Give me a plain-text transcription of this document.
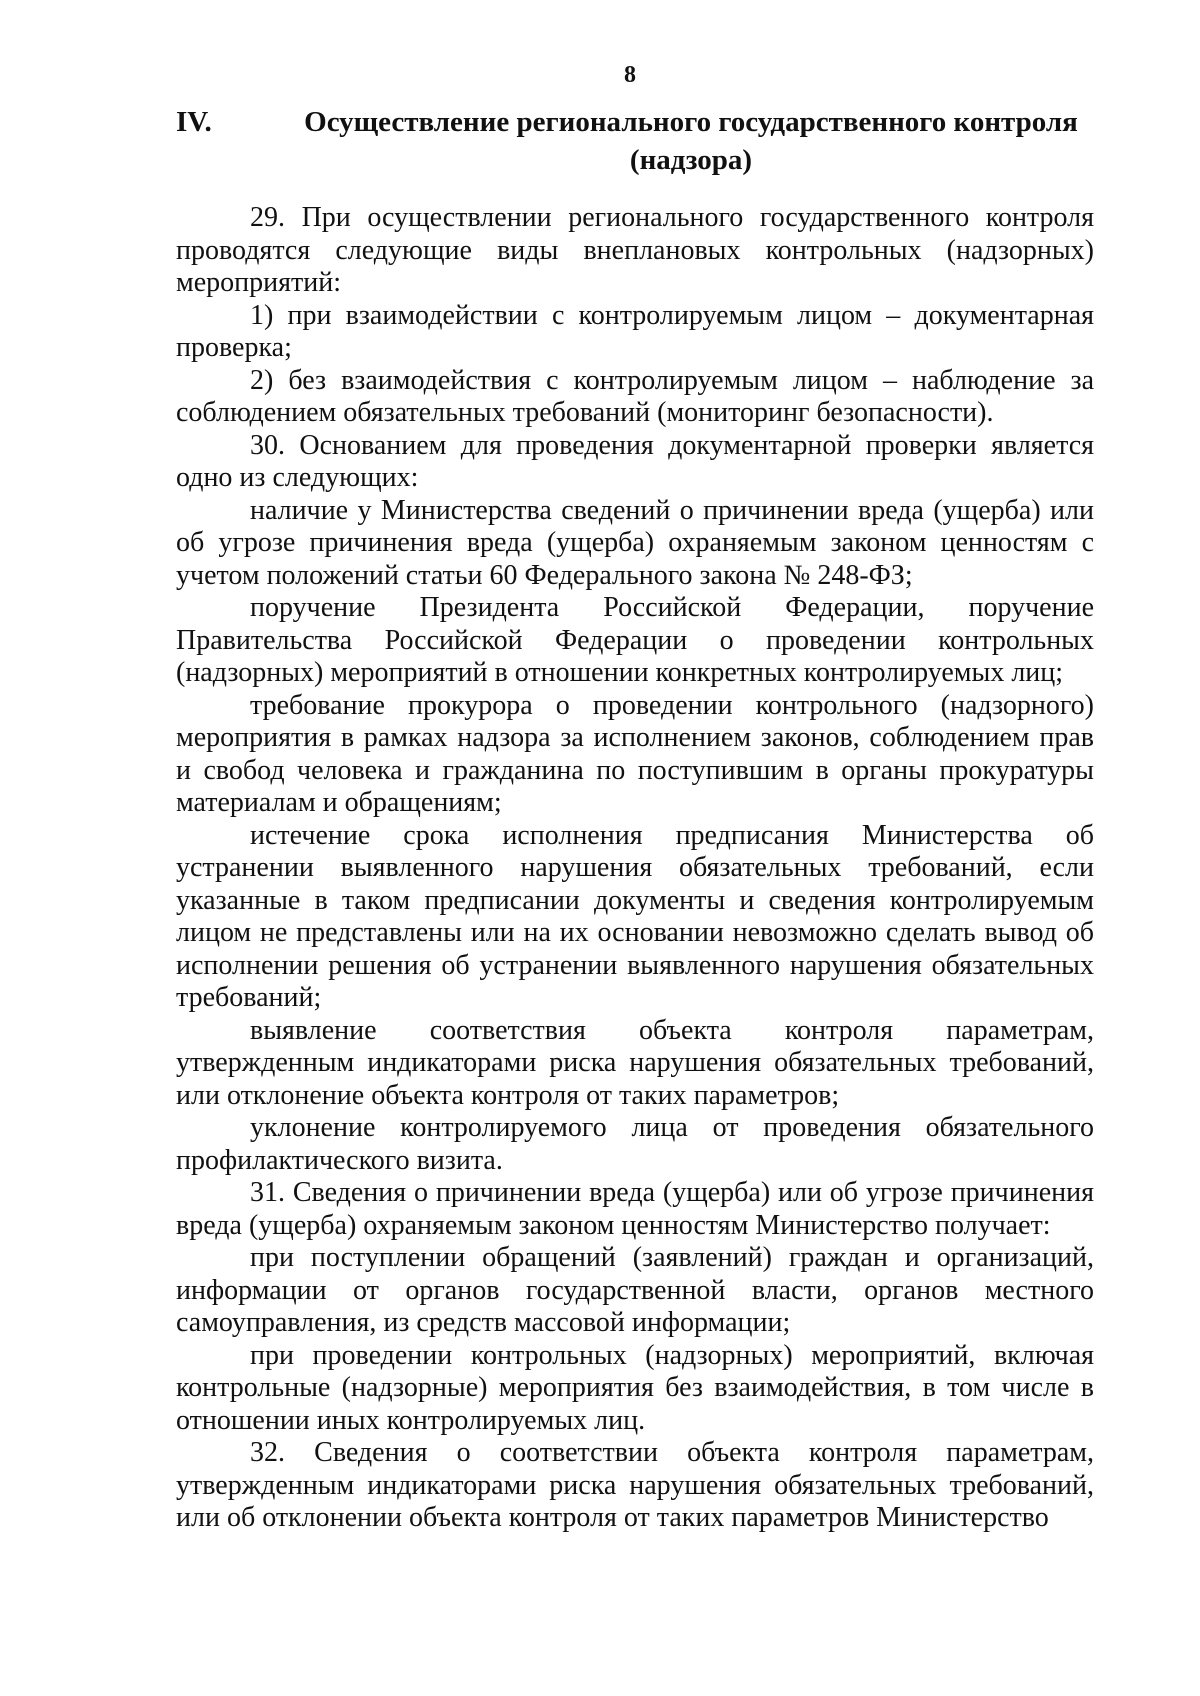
8
IV.	Осуществление регионального государственного контроля (надзора)

29. При осуществлении регионального государственного контроля проводятся следующие виды внеплановых контрольных (надзорных) мероприятий:

1) при взаимодействии с контролируемым лицом – документарная проверка;

2) без взаимодействия с контролируемым лицом – наблюдение за соблюдением обязательных требований (мониторинг безопасности).

30. Основанием для проведения документарной проверки является одно из следующих:

наличие у Министерства сведений о причинении вреда (ущерба) или об угрозе причинения вреда (ущерба) охраняемым законом ценностям с учетом положений статьи 60 Федерального закона № 248-ФЗ;

поручение Президента Российской Федерации, поручение Правительства Российской Федерации о проведении контрольных (надзорных) мероприятий в отношении конкретных контролируемых лиц;

требование прокурора о проведении контрольного (надзорного) мероприятия в рамках надзора за исполнением законов, соблюдением прав и свобод человека и гражданина по поступившим в органы прокуратуры материалам и обращениям;

истечение срока исполнения предписания Министерства об устранении выявленного нарушения обязательных требований, если указанные в таком предписании документы и сведения контролируемым лицом не представлены или на их основании невозможно сделать вывод об исполнении решения об устранении выявленного нарушения обязательных требований;

выявление соответствия объекта контроля параметрам, утвержденным индикаторами риска нарушения обязательных требований, или отклонение объекта контроля от таких параметров;

уклонение контролируемого лица от проведения обязательного профилактического визита.

31. Сведения о причинении вреда (ущерба) или об угрозе причинения вреда (ущерба) охраняемым законом ценностям Министерство получает:

при поступлении обращений (заявлений) граждан и организаций, информации от органов государственной власти, органов местного самоуправления, из средств массовой информации;

при проведении контрольных (надзорных) мероприятий, включая контрольные (надзорные) мероприятия без взаимодействия, в том числе в отношении иных контролируемых лиц.

32. Сведения о соответствии объекта контроля параметрам, утвержденным индикаторами риска нарушения обязательных требований, или об отклонении объекта контроля от таких параметров Министерство
